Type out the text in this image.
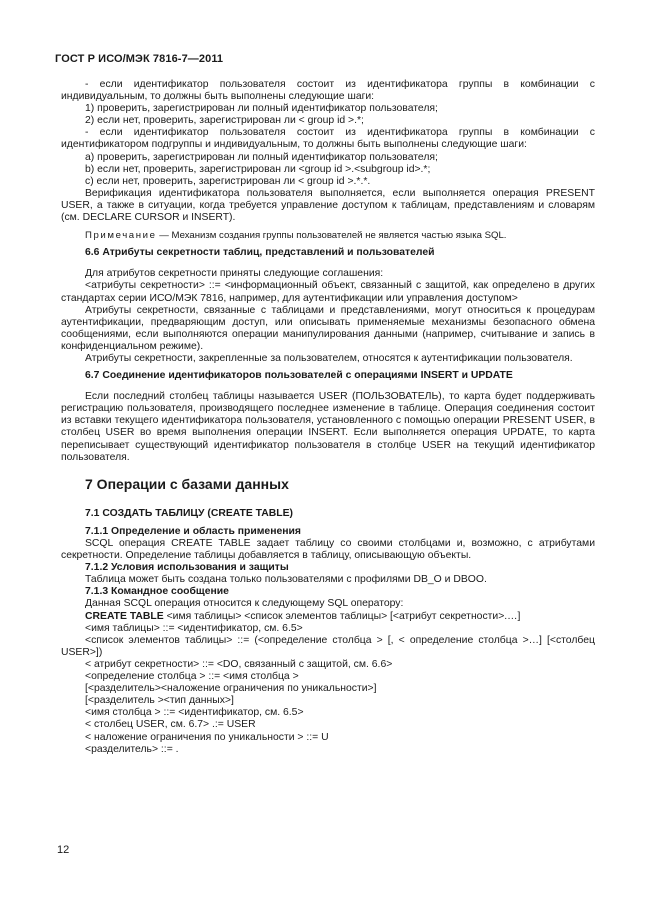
ГОСТ Р ИСО/МЭК 7816-7—2011

- если идентификатор пользователя состоит из идентификатора группы в комбинации с индивидуальным, то должны быть выполнены следующие шаги:

1) проверить, зарегистрирован ли полный идентификатор пользователя;

2) если нет, проверить, зарегистрирован ли < group id >.*;

- если идентификатор пользователя состоит из идентификатора группы в комбинации с идентификатором подгруппы и индивидуальным, то должны быть выполнены следующие шаги:

а) проверить, зарегистрирован ли полный идентификатор пользователя;

b) если нет, проверить, зарегистрирован ли <group id >.<subgroup id>.*;

с) если нет, проверить, зарегистрирован ли < group id >.*.*.

Верификация идентификатора пользователя выполняется, если выполняется операция PRESENT USER, а также в ситуации, когда требуется управление доступом к таблицам, представлениям и словарям (см. DECLARE CURSOR и INSERT).

Примечание — Механизм создания группы пользователей не является частью языка SQL.

6.6 Атрибуты секретности таблиц, представлений и пользователей

Для атрибутов секретности приняты следующие соглашения:

<атрибуты секретности> ::= <информационный объект, связанный с защитой, как определено в других стандартах серии ИСО/МЭК 7816, например, для аутентификации или управления доступом>

Атрибуты секретности, связанные с таблицами и представлениями, могут относиться к процедурам аутентификации, предваряющим доступ, или описывать применяемые механизмы безопасного обмена сообщениями, если выполняются операции манипулирования данными (например, считывание и запись в конфиденциальном режиме).

Атрибуты секретности, закрепленные за пользователем, относятся к аутентификации пользователя.

6.7 Соединение идентификаторов пользователей с операциями INSERT и UPDATE

Если последний столбец таблицы называется USER (ПОЛЬЗОВАТЕЛЬ), то карта будет поддерживать регистрацию пользователя, производящего последнее изменение в таблице. Операция соединения состоит из вставки текущего идентификатора пользователя, установленного с помощью операции PRESENT USER, в столбец USER во время выполнения операции INSERT. Если выполняется операция UPDATE, то карта переписывает существующий идентификатор пользователя в столбце USER на текущий идентификатор пользователя.

7 Операции с базами данных

7.1 СОЗДАТЬ ТАБЛИЦУ (CREATE TABLE)

7.1.1 Определение и область применения

SCQL операция CREATE TABLE задает таблицу со своими столбцами и, возможно, с атрибутами секретности. Определение таблицы добавляется в таблицу, описывающую объекты.

7.1.2 Условия использования и защиты

Таблица может быть создана только пользователями с профилями DB_O и DBOO.

7.1.3 Командное сообщение

Данная SCQL операция относится к следующему SQL оператору:

CREATE TABLE <имя таблицы> <список элементов таблицы> [<атрибут секретности>.…]

<имя таблицы> ::= <идентификатор, см. 6.5>

<список элементов таблицы> ::= (<определение столбца > [, < определение столбца >…] [<столбец USER>])

< атрибут секретности> ::= <DO, связанный с защитой, см. 6.6>

<определение столбца > ::= <имя столбца >

[<разделитель><наложение ограничения по уникальности>]

[<разделитель ><тип данных>]

<имя столбца > ::= <идентификатор, см. 6.5>

< столбец USER, см. 6.7> .:= USER

< наложение ограничения по уникальности > ::= U

<разделитель> ::= .

12
